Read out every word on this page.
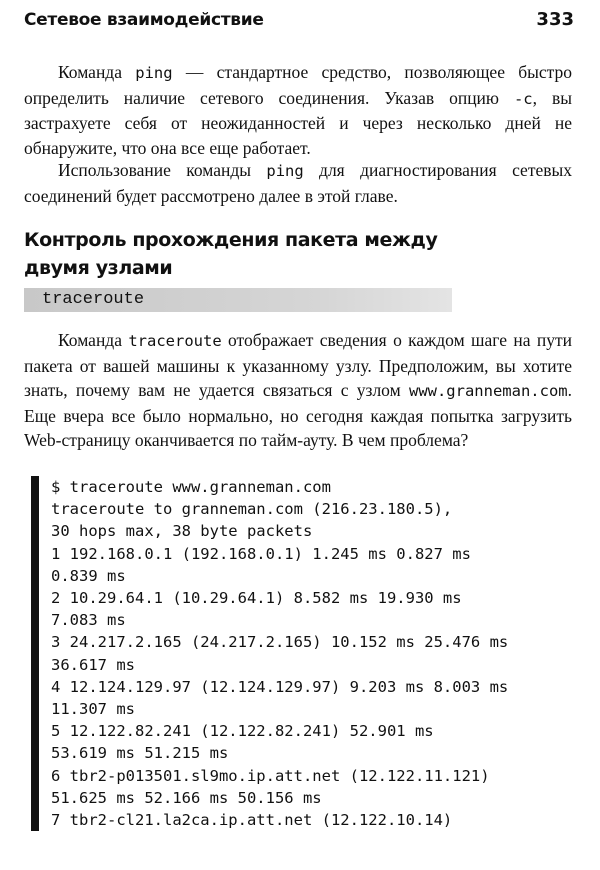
Сетевое взаимодействие	333

Команда ping — стандартное средство, позволяющее быстро определить наличие сетевого соединения. Указав опцию -c, вы застрахуете себя от неожиданностей и через несколько дней не обнаружите, что она все еще работает.

Использование команды ping для диагностирования сетевых соединений будет рассмотрено далее в этой главе.

Контроль прохождения пакета между двумя узлами
traceroute

Команда traceroute отображает сведения о каждом шаге на пути пакета от вашей машины к указанному узлу. Предположим, вы хотите знать, почему вам не удается связаться с узлом www.granneman.com. Еще вчера все было нормально, но сегодня каждая попытка загрузить Web-страницу оканчивается по тайм-ауту. В чем проблема?

$ traceroute www.granneman.com
traceroute to granneman.com (216.23.180.5),
30 hops max, 38 byte packets
1 192.168.0.1 (192.168.0.1) 1.245 ms 0.827 ms
0.839 ms
2 10.29.64.1 (10.29.64.1) 8.582 ms 19.930 ms
7.083 ms
3 24.217.2.165 (24.217.2.165) 10.152 ms 25.476 ms
36.617 ms
4 12.124.129.97 (12.124.129.97) 9.203 ms 8.003 ms
11.307 ms
5 12.122.82.241 (12.122.82.241) 52.901 ms
53.619 ms 51.215 ms
6 tbr2-p013501.sl9mo.ip.att.net (12.122.11.121)
51.625 ms 52.166 ms 50.156 ms
7 tbr2-cl21.la2ca.ip.att.net (12.122.10.14)
